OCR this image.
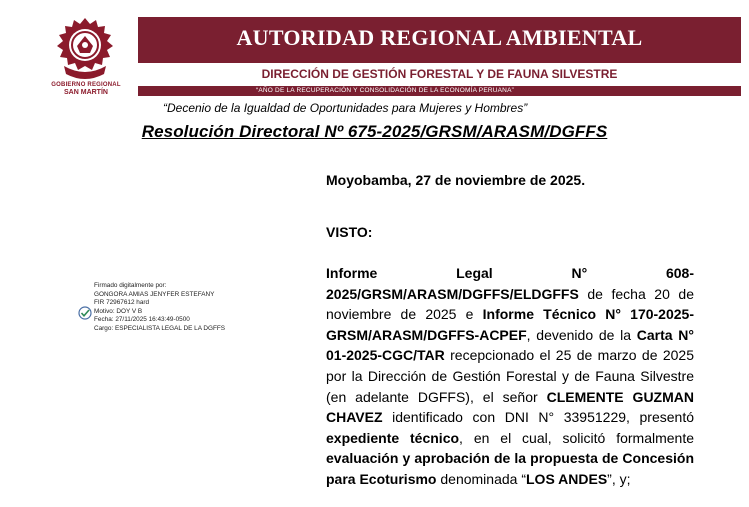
GOBIERNO REGIONAL
SAN MARTÍN
AUTORIDAD REGIONAL AMBIENTAL
DIRECCIÓN DE GESTIÓN FORESTAL Y DE FAUNA SILVESTRE
“AÑO DE LA RECUPERACIÓN Y CONSOLIDACIÓN DE LA ECONOMÍA PERUANA”
“Decenio de la Igualdad de Oportunidades para Mujeres y Hombres”
Resolución Directoral Nº 675-2025/GRSM/ARASM/DGFFS
Moyobamba, 27 de noviembre de 2025.
VISTO:
Informe Legal N° 608-2025/GRSM/ARASM/DGFFS/ELDGFFS de fecha 20 de noviembre de 2025 e Informe Técnico N° 170-2025-GRSM/ARASM/DGFFS-ACPEF, devenido de la Carta N° 01-2025-CGC/TAR recepcionado el 25 de marzo de 2025 por la Dirección de Gestión Forestal y de Fauna Silvestre (en adelante DGFFS), el señor CLEMENTE GUZMAN CHAVEZ identificado con DNI N° 33951229, presentó expediente técnico, en el cual, solicitó formalmente evaluación y aprobación de la propuesta de Concesión para Ecoturismo denominada “LOS ANDES”, y;
Firmado digitalmente por:
GONGORA AMIAS JENYFER ESTEFANY
FIR 72967612 hard
Motivo: DOY V B
Fecha: 27/11/2025 16:43:49-0500
Cargo: ESPECIALISTA LEGAL DE LA DGFFS
